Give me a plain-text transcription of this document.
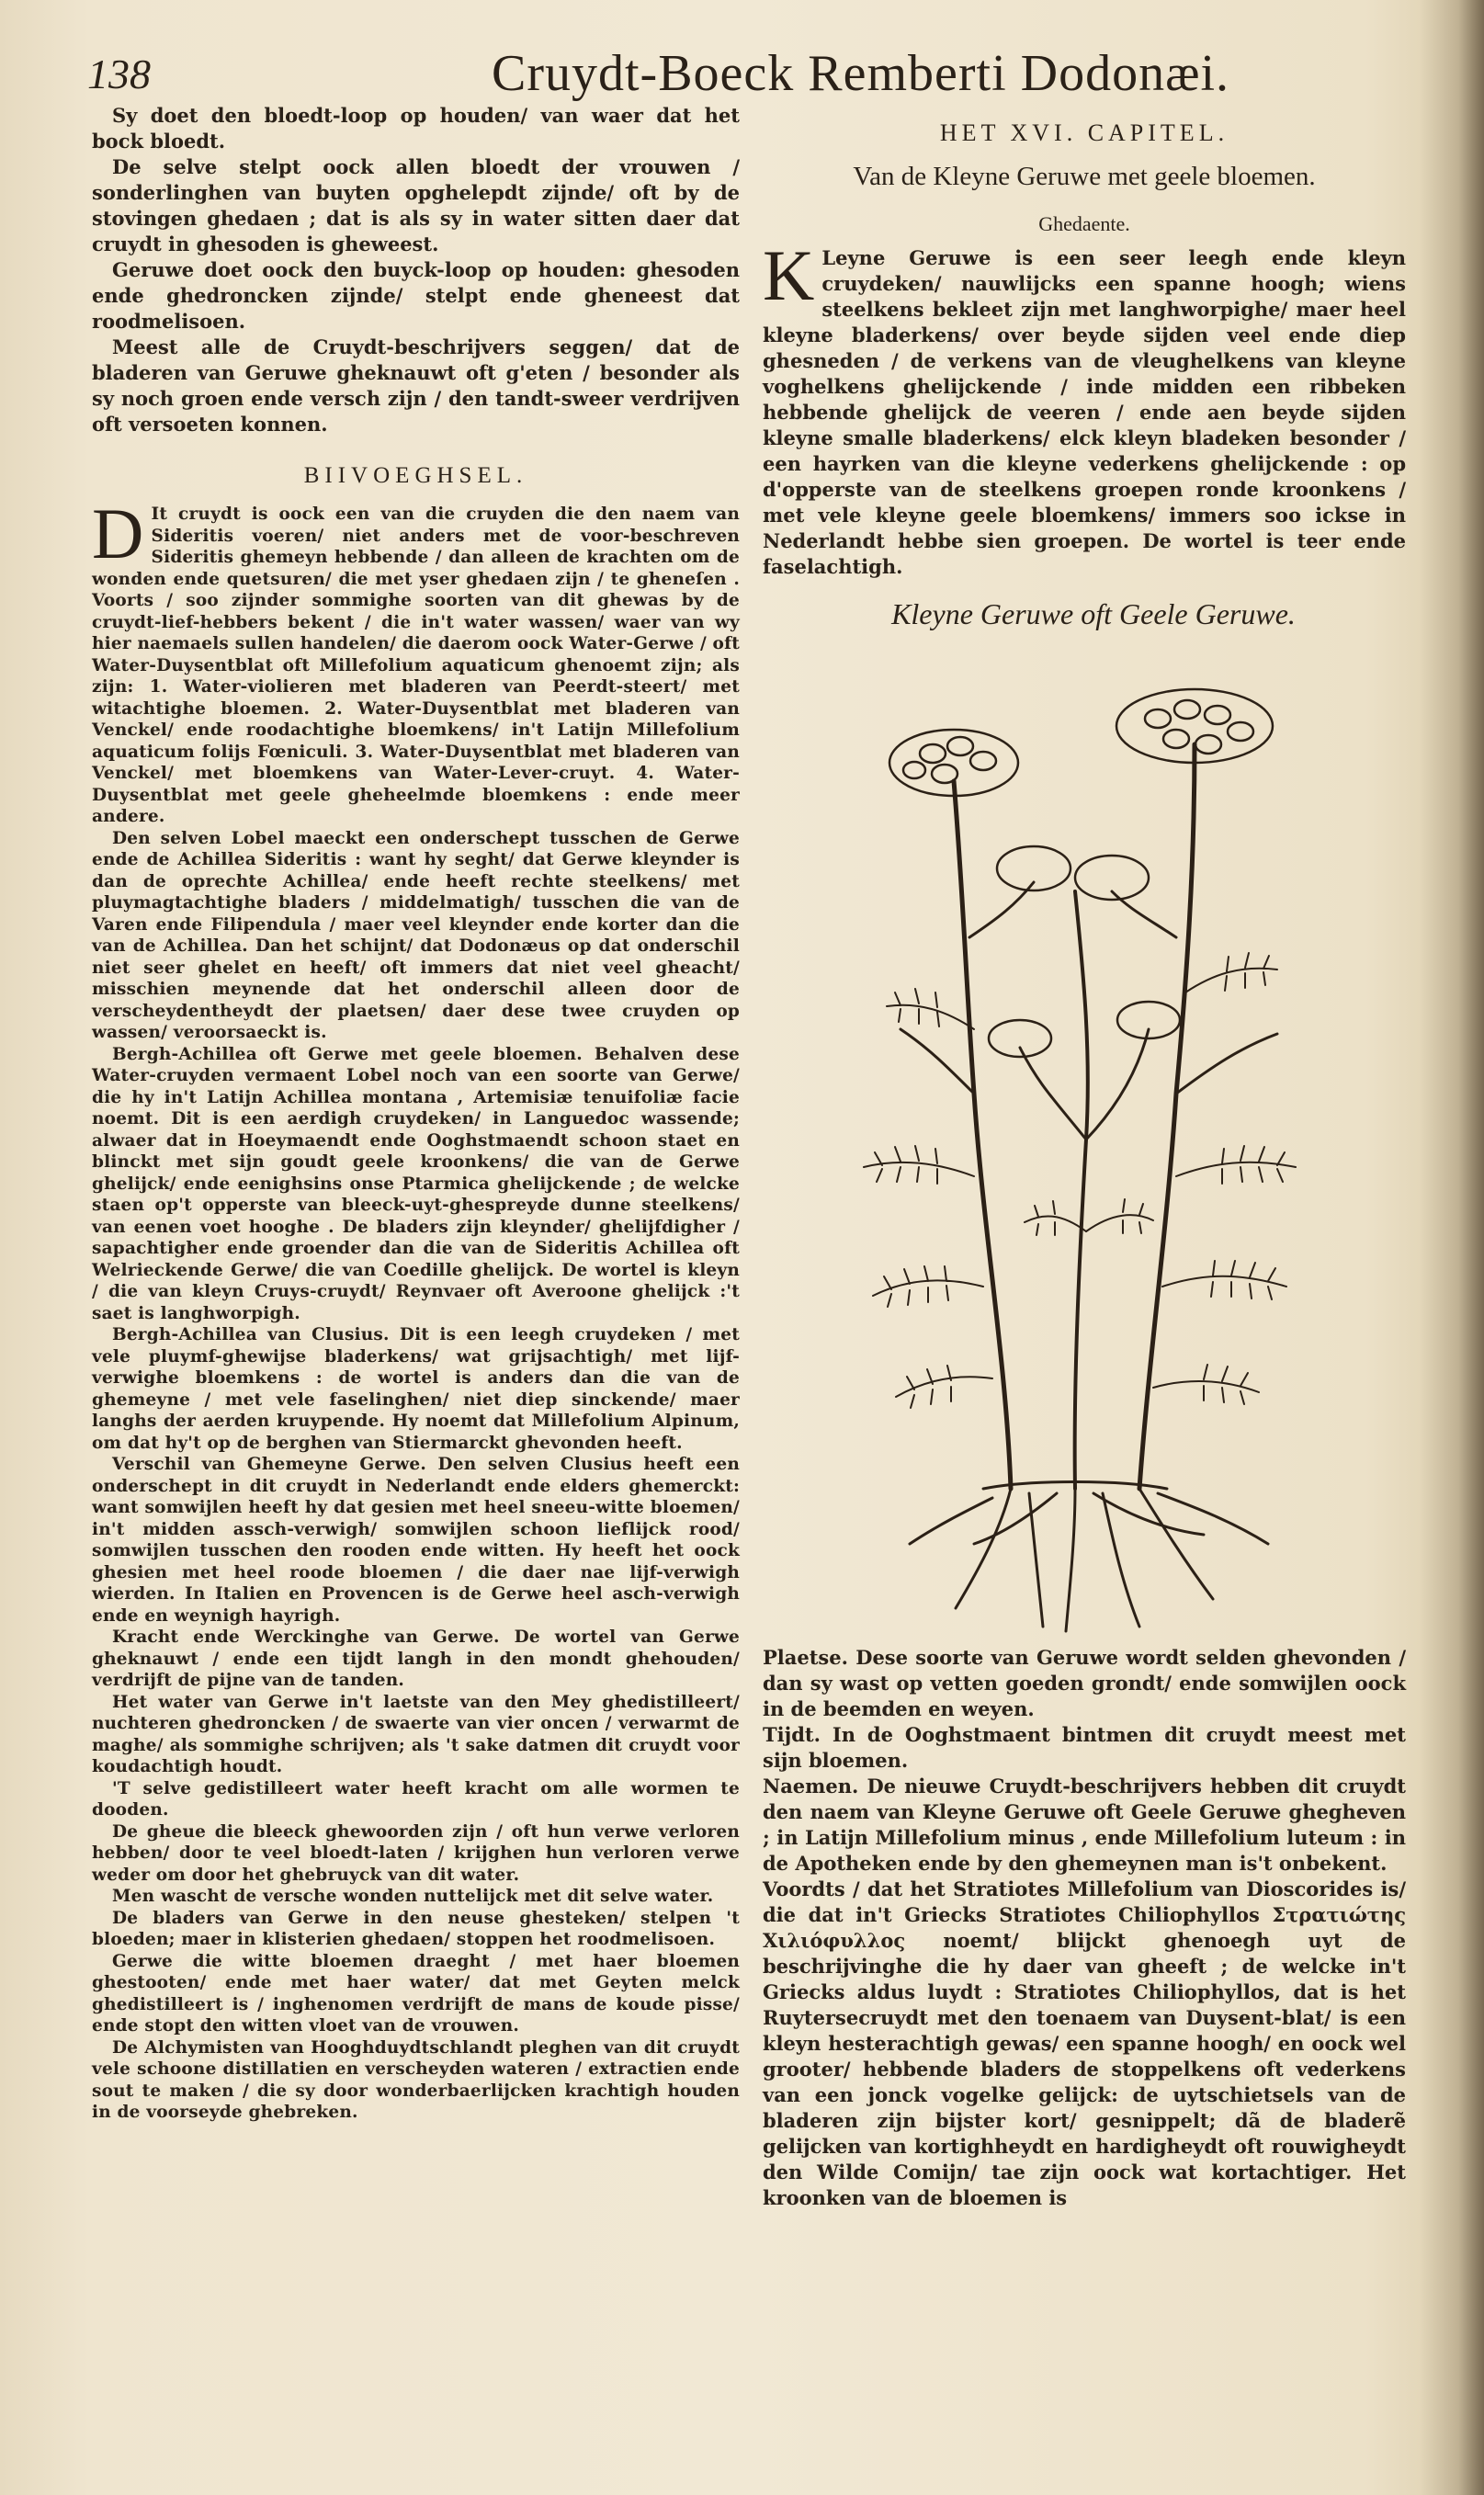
138	Cruydt-Boeck Remberti Dodonæi.

Sy doet den bloedt-loop op houden/ van waer dat het bock bloedt.

De selve stelpt oock allen bloedt der vrouwen / sonderlinghen van buyten opghelepdt zijnde/ oft by de stovingen ghedaen ; dat is als sy in water sitten daer dat cruydt in ghesoden is gheweest.

Geruwe doet oock den buyck-loop op houden: ghesoden ende ghedroncken zijnde/ stelpt ende gheneest dat roodmelisoen.

Meest alle de Cruydt-beschrijvers seggen/ dat de bladeren van Geruwe gheknauwt oft g'eten / besonder als sy noch groen ende versch zijn / den tandt-sweer verdrijven oft versoeten konnen.

BIIVOEGHSEL.

D It cruydt is oock een van die cruyden die den naem van Sideritis voeren/ niet anders met de voor-beschreven Sideritis ghemeyn hebbende / dan alleen de krachten om de wonden ende quetsuren/ die met yser ghedaen zijn / te gheneſen . Voorts / soo zijnder sommighe soorten van dit ghewas by de cruydt-lief-hebbers bekent / die in't water wassen/ waer van wy hier naemaels sullen handelen/ die daerom oock Water-Gerwe / oft Water-Duysentblat oft Millefolium aquaticum ghenoemt zijn; als zijn: 1. Water-violieren met bladeren van Peerdt-steert/ met witachtighe bloemen. 2. Water-Duysentblat met bladeren van Venckel/ ende roodachtighe bloemkens/ in't Latijn Millefolium aquaticum folijs Fœniculi. 3. Water-Duysentblat met bladeren van Venckel/ met bloemkens van Water-Lever-cruyt. 4. Water-Duysentblat met geele gheheelmde bloemkens : ende meer andere.

Den selven Lobel maeckt een onderschept tusschen de Gerwe ende de Achillea Sideritis : want hy seght/ dat Gerwe kleynder is dan de oprechte Achillea/ ende heeft rechte steelkens/ met pluymagtachtighe bladers / middelmatigh/ tusschen die van de Varen ende Filipendula / maer veel kleynder ende korter dan die van de Achillea. Dan het schijnt/ dat Dodonæus op dat onderschil niet seer ghelet en heeft/ oft immers dat niet veel gheacht/ misschien meynende dat het onderschil alleen door de verscheydentheydt der plaetsen/ daer dese twee cruyden op wassen/ veroorsaeckt is.

Bergh-Achillea oft Gerwe met geele bloemen. Behalven dese Water-cruyden vermaent Lobel noch van een soorte van Gerwe/ die hy in't Latijn Achillea montana , Artemisiæ tenuifoliæ facie noemt. Dit is een aerdigh cruydeken/ in Languedoc wassende; alwaer dat in Hoeymaendt ende Ooghstmaendt schoon staet en blinckt met sijn goudt geele kroonkens/ die van de Gerwe ghelijck/ ende eenighsins onse Ptarmica ghelijckende ; de welcke staen op't opperste van bleeck-uyt-ghespreyde dunne steelkens/ van eenen voet hooghe . De bladers zijn kleynder/ ghelijfdigher / sapachtigher ende groender dan die van de Sideritis Achillea oft Welrieckende Gerwe/ die van Coedille ghelijck. De wortel is kleyn / die van kleyn Cruys-cruydt/ Reynvaer oft Averoone ghelijck :'t saet is langhworpigh.

Bergh-Achillea van Clusius. Dit is een leegh cruydeken / met vele pluymf-ghewijse bladerkens/ wat grijsachtigh/ met lijf-verwighe bloemkens : de wortel is anders dan die van de ghemeyne / met vele faselinghen/ niet diep sinckende/ maer langhs der aerden kruypende. Hy noemt dat Millefolium Alpinum, om dat hy't op de berghen van Stiermarckt ghevonden heeft.

Verschil van Ghemeyne Gerwe. Den selven Clusius heeft een onderschept in dit cruydt in Nederlandt ende elders ghemerckt: want somwijlen heeft hy dat gesien met heel sneeu-witte bloemen/ in't midden assch-verwigh/ somwijlen schoon lieflijck rood/ somwijlen tusschen den rooden ende witten. Hy heeft het oock ghesien met heel roode bloemen / die daer nae lijf-verwigh wierden. In Italien en Provencen is de Gerwe heel asch-verwigh ende en weynigh hayrigh.

Kracht ende Werckinghe van Gerwe. De wortel van Gerwe gheknauwt / ende een tijdt langh in den mondt ghehouden/ verdrijft de pijne van de tanden.

Het water van Gerwe in't laetste van den Mey ghedistilleert/ nuchteren ghedroncken / de swaerte van vier oncen / verwarmt de maghe/ als sommighe schrijven; als 't sake datmen dit cruydt voor koudachtigh houdt.

'T selve gedistilleert water heeft kracht om alle wormen te dooden.

De gheue die bleeck ghewoorden zijn / oft hun verwe verloren hebben/ door te veel bloedt-laten / krijghen hun verloren verwe weder om door het ghebruyck van dit water.

Men wascht de versche wonden nuttelijck met dit selve water.

De bladers van Gerwe in den neuse ghesteken/ stelpen 't bloeden; maer in klisterien ghedaen/ stoppen het roodmelisoen.

Gerwe die witte bloemen draeght / met haer bloemen ghestooten/ ende met haer water/ dat met Geyten melck ghedistilleert is / inghenomen verdrijft de mans de koude pisse/ ende stopt den witten vloet van de vrouwen.

De Alchymisten van Hooghduydtschlandt pleghen van dit cruydt vele schoone distillatien en verscheyden wateren / extractien ende sout te maken / die sy door wonderbaerlijcken krachtigh houden in de voorseyde ghebreken.

HET XVI. CAPITEL.
Van de Kleyne Geruwe met geele bloemen.
Ghedaente.

K Leyne Geruwe is een seer leegh ende kleyn cruydeken/ nauwlijcks een spanne hoogh; wiens steelkens bekleet zijn met langhworpighe/ maer heel kleyne bladerkens/ over beyde sijden veel ende diep ghesneden / de verkens van de vleughelkens van kleyne voghelkens ghelijckende / inde midden een ribbeken hebbende ghelijck de veeren / ende aen beyde sijden kleyne smalle bladerkens/ elck kleyn bladeken besonder / een hayrken van die kleyne vederkens ghelijckende : op d'opperste van de steelkens groepen ronde kroonkens / met vele kleyne geele bloemkens/ immers soo ickse in Nederlandt hebbe sien groepen. De wortel is teer ende faselachtigh.

Kleyne Geruwe oft Geele Geruwe.

Plaetse. Dese soorte van Geruwe wordt selden ghevonden / dan sy wast op vetten goeden grondt/ ende somwijlen oock in de beemden en weyen.

Tijdt. In de Ooghstmaent bintmen dit cruydt meest met sijn bloemen.

Naemen. De nieuwe Cruydt-beschrijvers hebben dit cruydt den naem van Kleyne Geruwe oft Geele Geruwe ghegheven ; in Latijn Millefolium minus , ende Millefolium luteum : in de Apotheken ende by den ghemeynen man is't onbekent.

Voordts / dat het Stratiotes Millefolium van Dioscorides is/ die dat in't Griecks Stratiotes Chiliophyllos Στρατιώτης Χιλιόφυλλος noemt/ blijckt ghenoegh uyt de beschrijvinghe die hy daer van gheeft ; de welcke in't Griecks aldus luydt : Stratiotes Chiliophyllos, dat is het Ruytersecruydt met den toenaem van Duysent-blat/ is een kleyn hesterachtigh gewas/ een spanne hoogh/ en oock wel grooter/ hebbende bladers de stoppelkens oft vederkens van een jonck vogelke gelijck: de uytschietsels van de bladeren zijn bijster kort/ gesnippelt; dã de bladerẽ gelijcken van kortighheydt en hardigheydt oft rouwigheydt den Wilde Comijn/ tae zijn oock wat kortachtiger. Het kroonken van de bloemen is
